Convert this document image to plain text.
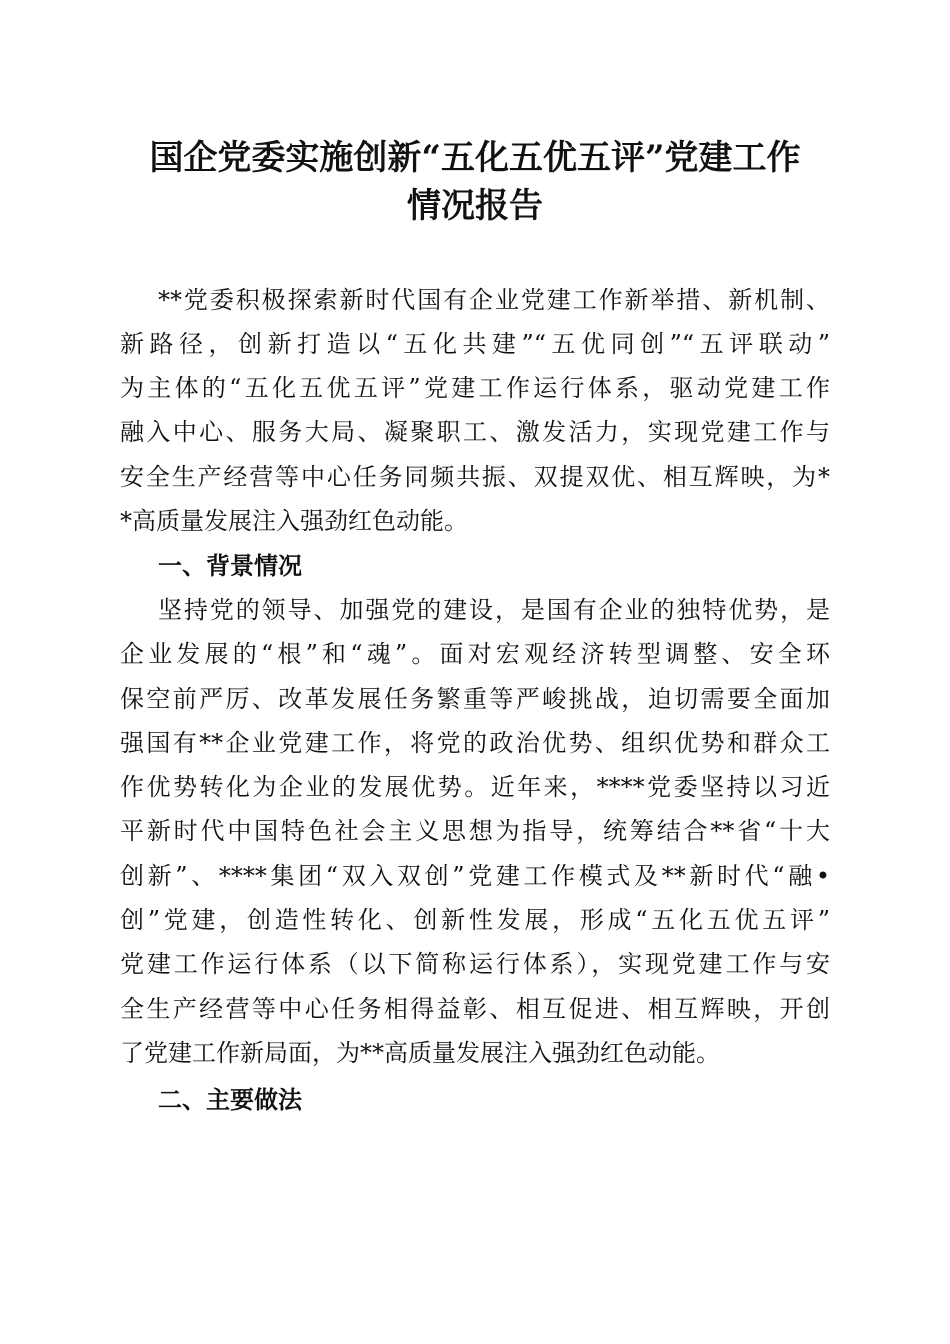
国企党委实施创新“五化五优五评”党建工作
情况报告
**党委积极探索新时代国有企业党建工作新举措、新机制、
新路径，创新打造以“五化共建”“五优同创”“五评联动”
为主体的“五化五优五评”党建工作运行体系，驱动党建工作
融入中心、服务大局、凝聚职工、激发活力，实现党建工作与
安全生产经营等中心任务同频共振、双提双优、相互辉映，为*
*高质量发展注入强劲红色动能。
一、背景情况
坚持党的领导、加强党的建设，是国有企业的独特优势，是
企业发展的“根”和“魂”。面对宏观经济转型调整、安全环
保空前严厉、改革发展任务繁重等严峻挑战，迫切需要全面加
强国有**企业党建工作，将党的政治优势、组织优势和群众工
作优势转化为企业的发展优势。近年来，****党委坚持以习近
平新时代中国特色社会主义思想为指导，统筹结合**省“十大
创新”、****集团“双入双创”党建工作模式及**新时代“融•
创”党建，创造性转化、创新性发展，形成“五化五优五评”
党建工作运行体系（以下简称运行体系），实现党建工作与安
全生产经营等中心任务相得益彰、相互促进、相互辉映，开创
了党建工作新局面，为**高质量发展注入强劲红色动能。
二、主要做法
